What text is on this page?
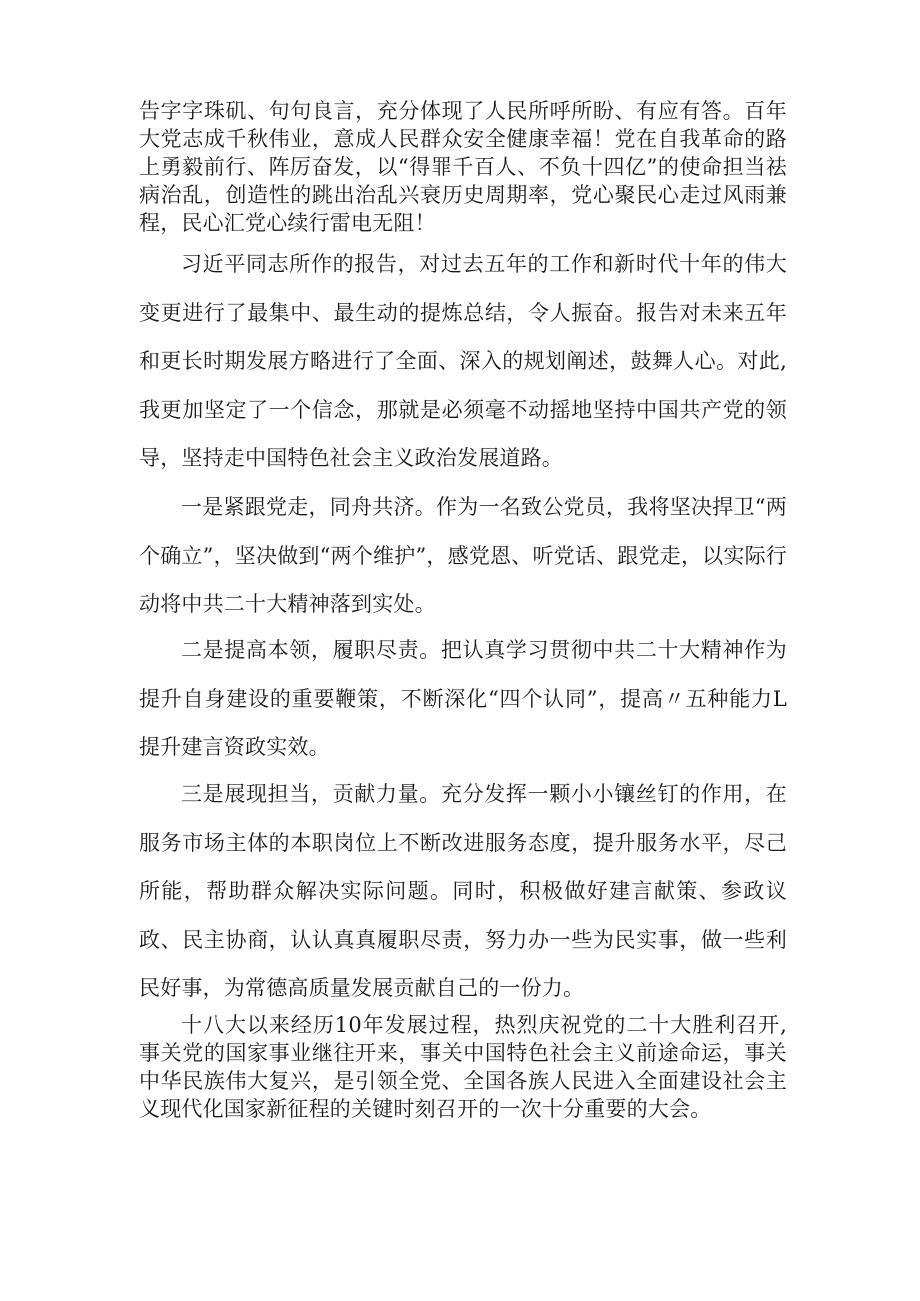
告字字珠矶、句句良言，充分体现了人民所呼所盼、有应有答。百年大党志成千秋伟业，意成人民群众安全健康幸福！党在自我革命的路上勇毅前行、阵厉奋发，以“得罪千百人、不负十四亿”的使命担当祛病治乱，创造性的跳出治乱兴衰历史周期率，党心聚民心走过风雨兼程，民心汇党心续行雷电无阻！

习近平同志所作的报告，对过去五年的工作和新时代十年的伟大变更进行了最集中、最生动的提炼总结，令人振奋。报告对未来五年和更长时期发展方略进行了全面、深入的规划阐述，鼓舞人心。对此,我更加坚定了一个信念，那就是必须毫不动摇地坚持中国共产党的领导，坚持走中国特色社会主义政治发展道路。

一是紧跟党走，同舟共济。作为一名致公党员，我将坚决捍卫“两个确立”，坚决做到“两个维护”，感党恩、听党话、跟党走，以实际行动将中共二十大精神落到实处。

二是提高本领，履职尽责。把认真学习贯彻中共二十大精神作为提升自身建设的重要鞭策，不断深化“四个认同”，提高〃五种能力L提升建言资政实效。

三是展现担当，贡献力量。充分发挥一颗小小镶丝钉的作用，在服务市场主体的本职岗位上不断改进服务态度，提升服务水平，尽己所能，帮助群众解决实际问题。同时，积极做好建言献策、参政议政、民主协商，认认真真履职尽责，努力办一些为民实事，做一些利民好事，为常德高质量发展贡献自己的一份力。

十八大以来经历10年发展过程，热烈庆祝党的二十大胜利召开,事关党的国家事业继往开来，事关中国特色社会主义前途命运，事关中华民族伟大复兴，是引领全党、全国各族人民进入全面建设社会主义现代化国家新征程的关键时刻召开的一次十分重要的大会。
